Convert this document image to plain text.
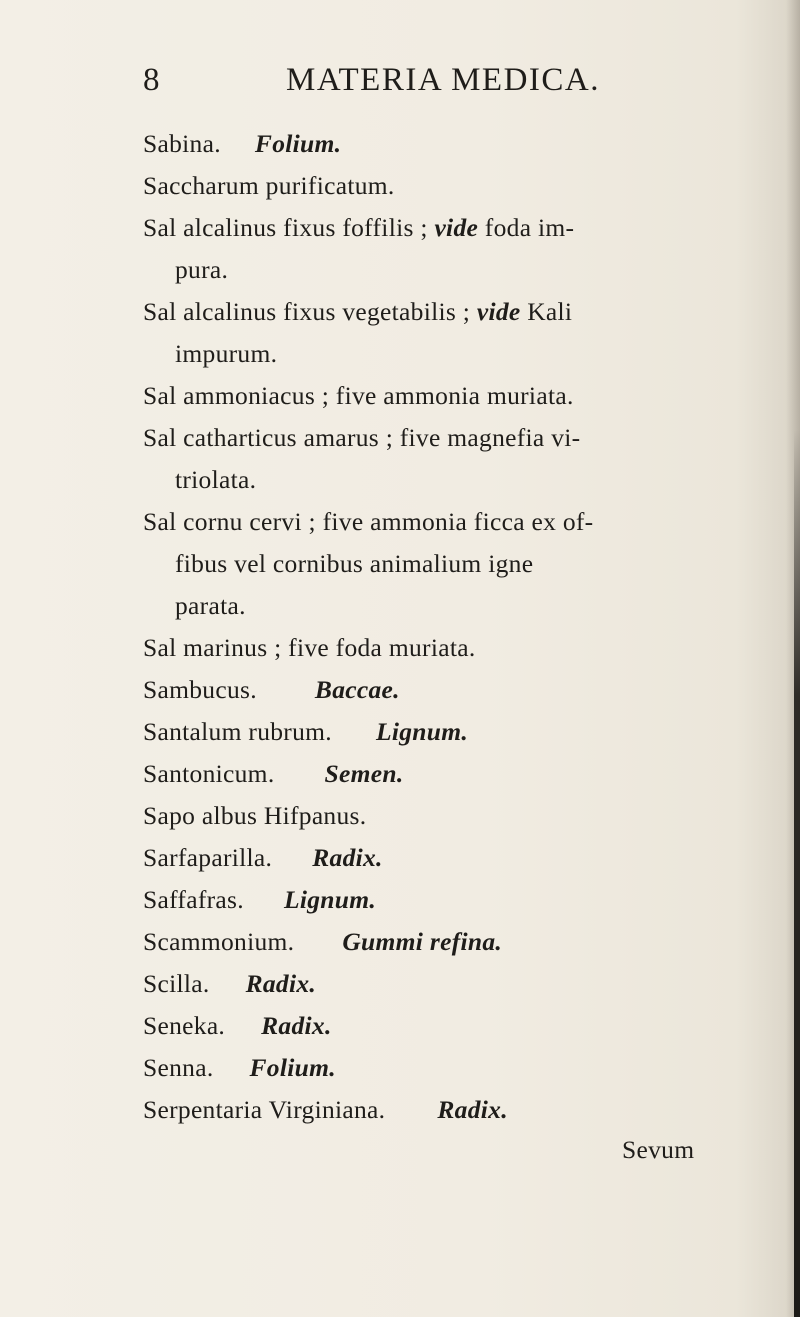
8	MATERIA MEDICA.
Sabina. Folium.
Saccharum purificatum.
Sal alcalinus fixus foffilis ; vide foda im-
pura.
Sal alcalinus fixus vegetabilis ; vide Kali
impurum.
Sal ammoniacus ; five ammonia muriata.
Sal catharticus amarus ; five magnefia vi-
triolata.
Sal cornu cervi ; five ammonia ficca ex of-
fibus vel cornibus animalium igne
parata.
Sal marinus ; five foda muriata.
Sambucus. Baccae.
Santalum rubrum. Lignum.
Santonicum. Semen.
Sapo albus Hifpanus.
Sarfaparilla. Radix.
Saffafras. Lignum.
Scammonium. Gummi refina.
Scilla. Radix.
Seneka. Radix.
Senna. Folium.
Serpentaria Virginiana. Radix.
Sevum
